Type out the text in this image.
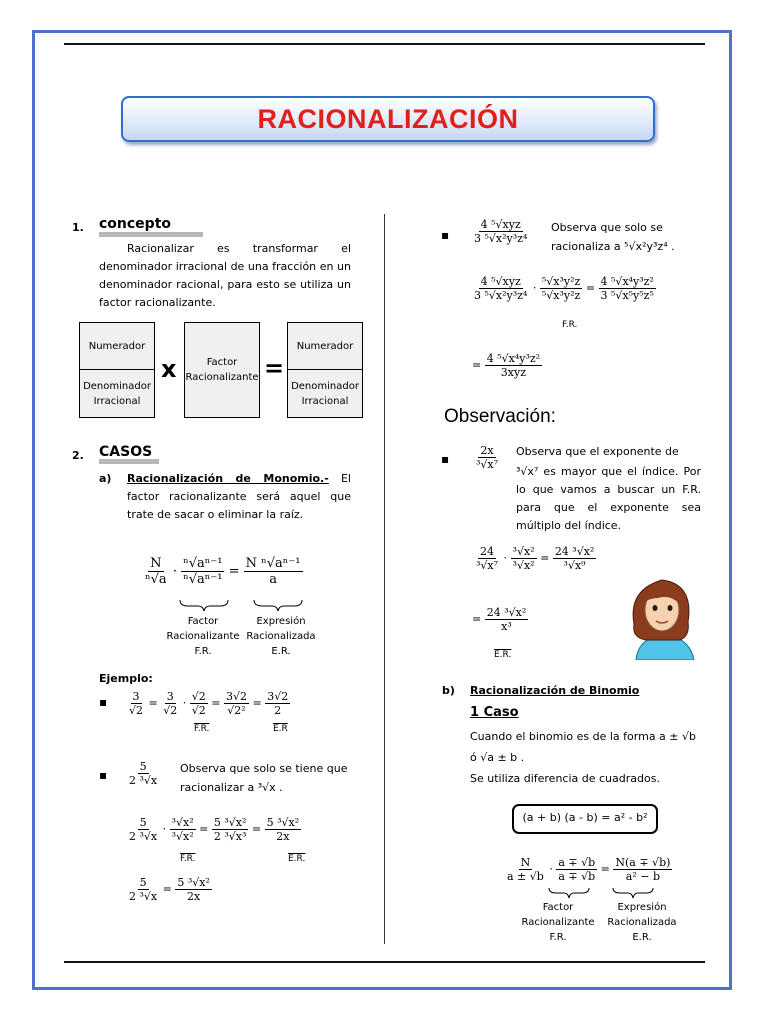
RACIONALIZACIÓN
1. concepto
Racionalizar es transformar el denominador irracional de una fracción en un denominador racional, para esto se utiliza un factor racionalizante.
Numerador
Denominador Irracional
x	Factor Racionalizante =
Numerador
Denominador Irracional
2. CASOS
a) Racionalización de Monomio.- El factor racionalizante será aquel que trate de sacar o eliminar la raíz.
$\frac{N}{\text{ⁿ√a}} \cdot \frac{\text{ⁿ√aⁿ⁻¹}}{\text{ⁿ√aⁿ⁻¹}} = \frac{\text{N ⁿ√aⁿ⁻¹}}{a}$
Factor Racionalizante F.R.
Expresión Racionalizada E.R.
Ejemplo:
▪ $\frac{3}{√2} = \frac{3}{√2} \cdot \frac{√2}{√2} = \frac{3√2}{\text{√2²}} = \frac{3√2}{2}$
F.R.	E.R
▪ $\frac{5}{\text{2 ³√x}}$ Observa que solo se tiene que
racionalizar a ³√x .
$\frac{5}{\text{2 ³√x}} \cdot \frac{\text{³√x²}}{\text{³√x²}} = \frac{\text{5 ³√x²}}{\text{2 ³√x³}} = \frac{\text{5 ³√x²}}{2x}$
F.R.	E.R.
$\frac{5}{\text{2 ³√x}} = \frac{\text{5 ³√x²}}{2x}$
▪ $\frac{\text{4 ⁵√xyz}}{\text{3 ⁵√x²y³z⁴}}$ Observa que solo se
racionaliza a ⁵√x²y³z⁴ .
$\frac{\text{4 ⁵√xyz}}{\text{3 ⁵√x²y³z⁴}} \cdot \frac{\text{⁵√x³y²z}}{\text{⁵√x³y²z}} = \frac{\text{4 ⁵√x⁴y³z²}}{\text{3 ⁵√x⁵y⁵z⁵}}$
F.R.
= $\frac{\text{4 ⁵√x⁴y³z²}}{\text{3xyz}}$
Observación:
▪ $\frac{2x}{\text{³√x⁷}}$ Observa que el exponente de
³√x⁷ es mayor que el índice. Por lo que vamos a buscar un F.R. para que el exponente sea múltiplo del índice.
$\frac{24}{\text{³√x⁷}} \cdot \frac{\text{³√x²}}{\text{³√x²}} = \frac{\text{24 ³√x²}}{\text{³√x⁹}}$
= $\frac{\text{24 ³√x²}}{\text{x³}}$
E.R.
b) Racionalización de Binomio
1 Caso
Cuando el binomio es de la forma a ± √b
ó √a ± b .
Se utiliza diferencia de cuadrados.
(a + b) (a - b) = a² - b²
$\frac{N}{a \pm √b} \cdot \frac{a \mp √b}{a \mp √b} = \frac{N(a \mp √b)}{\text{a² − b}}$
Factor Racionalizante F.R.
Expresión Racionalizada E.R.
